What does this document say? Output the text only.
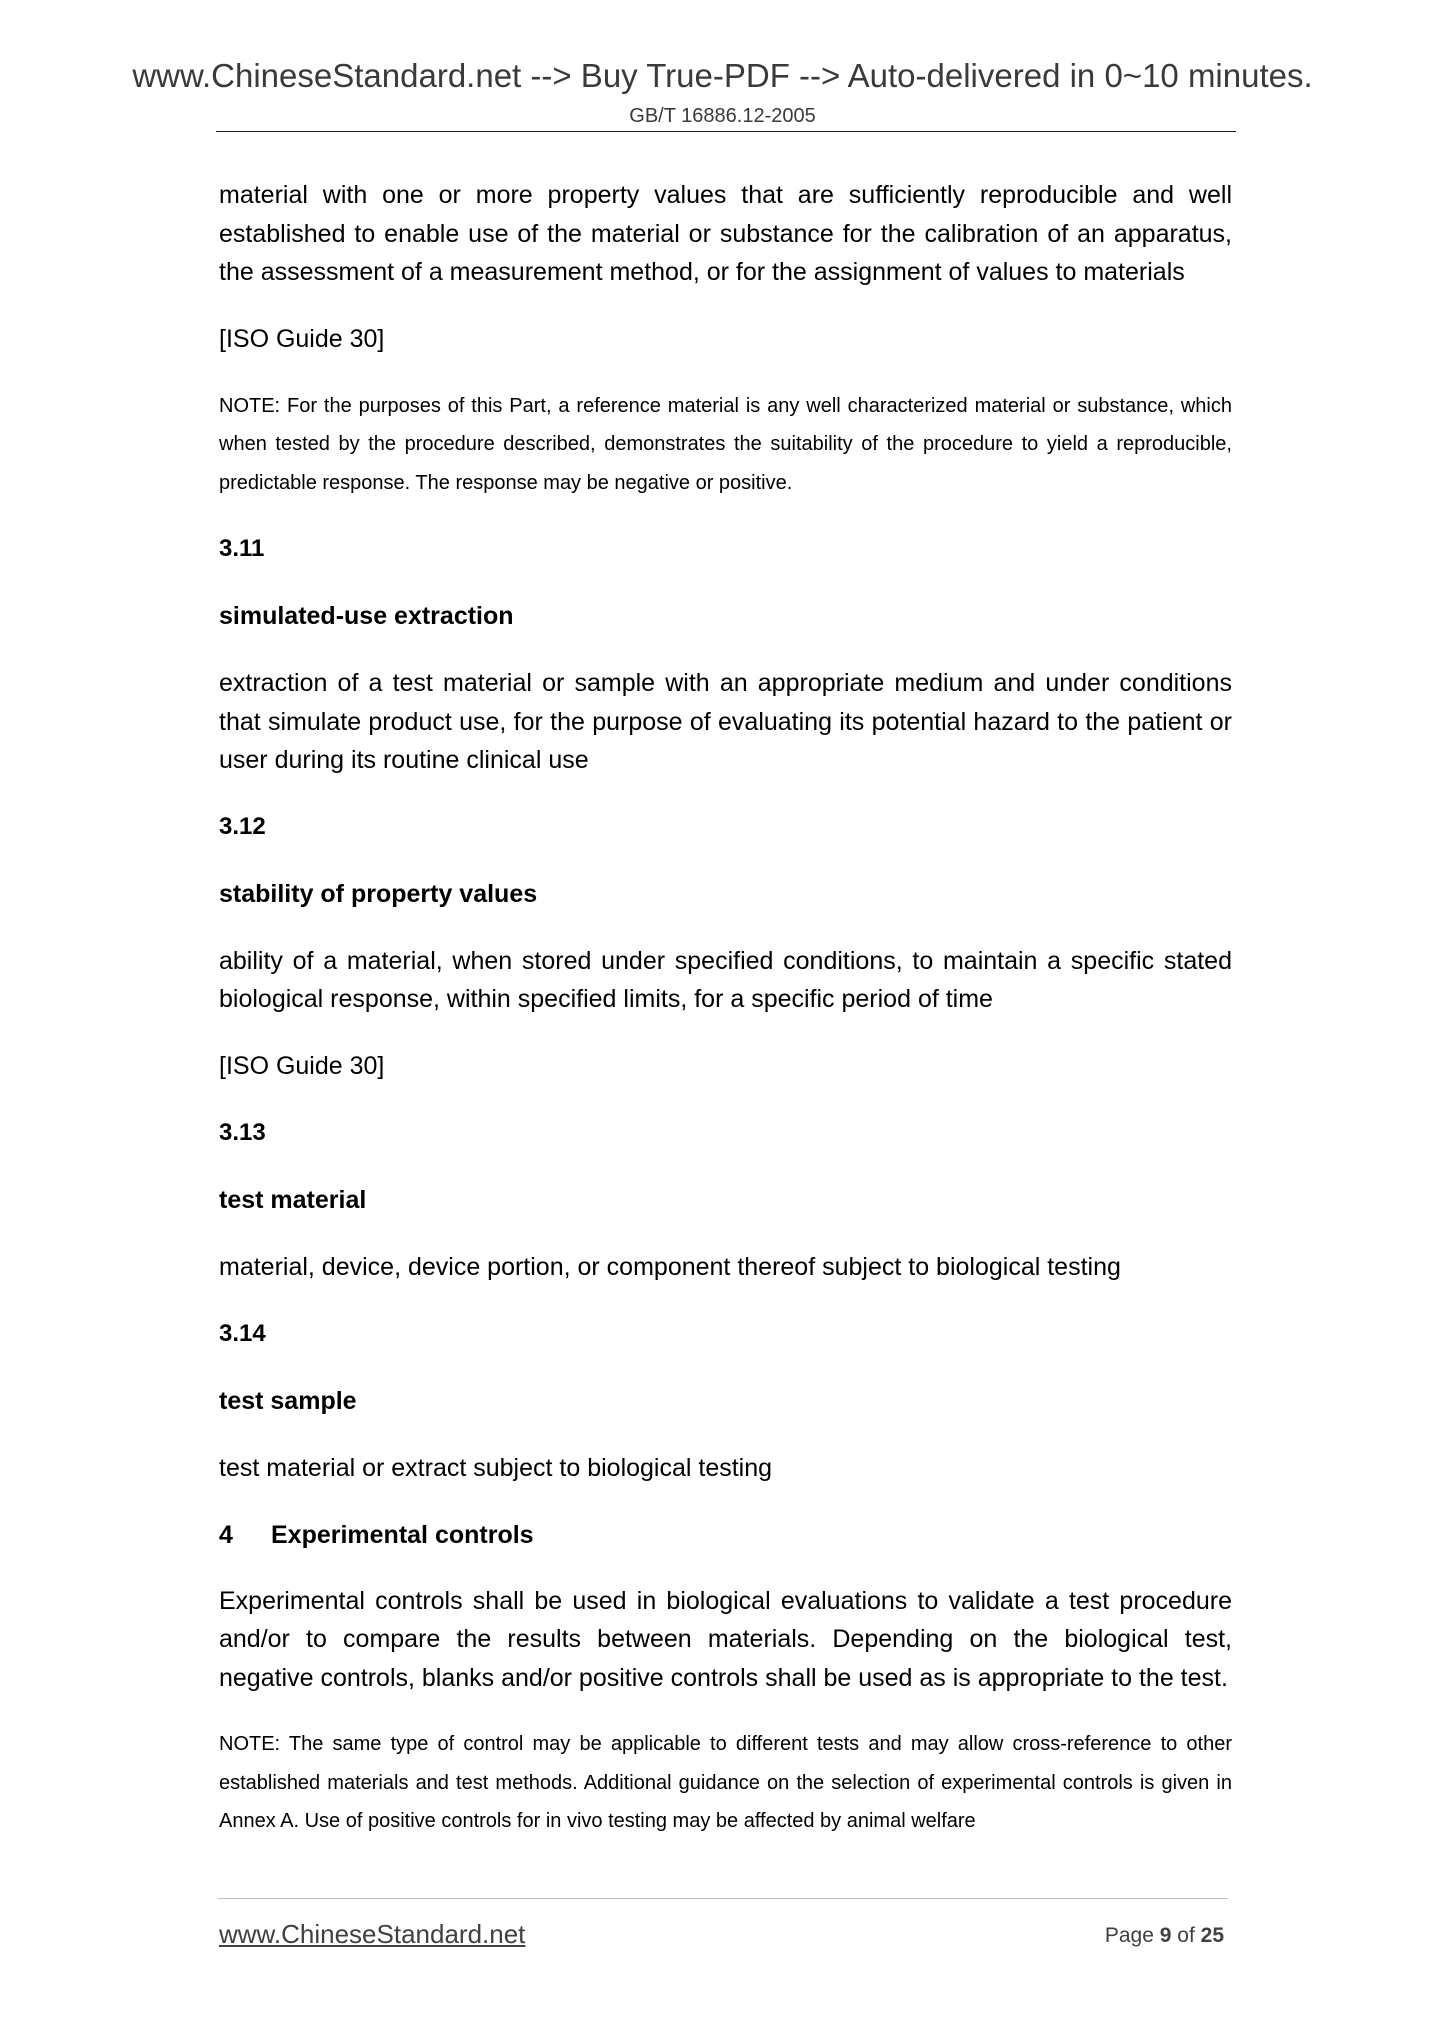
www.ChineseStandard.net --> Buy True-PDF --> Auto-delivered in 0~10 minutes.
GB/T 16886.12-2005

material with one or more property values that are sufficiently reproducible and well established to enable use of the material or substance for the calibration of an apparatus, the assessment of a measurement method, or for the assignment of values to materials

[ISO Guide 30]

NOTE: For the purposes of this Part, a reference material is any well characterized material or substance, which when tested by the procedure described, demonstrates the suitability of the procedure to yield a reproducible, predictable response. The response may be negative or positive.

3.11

simulated-use extraction

extraction of a test material or sample with an appropriate medium and under conditions that simulate product use, for the purpose of evaluating its potential hazard to the patient or user during its routine clinical use

3.12

stability of property values

ability of a material, when stored under specified conditions, to maintain a specific stated biological response, within specified limits, for a specific period of time

[ISO Guide 30]

3.13

test material

material, device, device portion, or component thereof subject to biological testing

3.14

test sample

test material or extract subject to biological testing

4 Experimental controls

Experimental controls shall be used in biological evaluations to validate a test procedure and/or to compare the results between materials. Depending on the biological test, negative controls, blanks and/or positive controls shall be used as is appropriate to the test.

NOTE: The same type of control may be applicable to different tests and may allow cross-reference to other established materials and test methods. Additional guidance on the selection of experimental controls is given in Annex A. Use of positive controls for in vivo testing may be affected by animal welfare

www.ChineseStandard.net	Page 9 of 25
